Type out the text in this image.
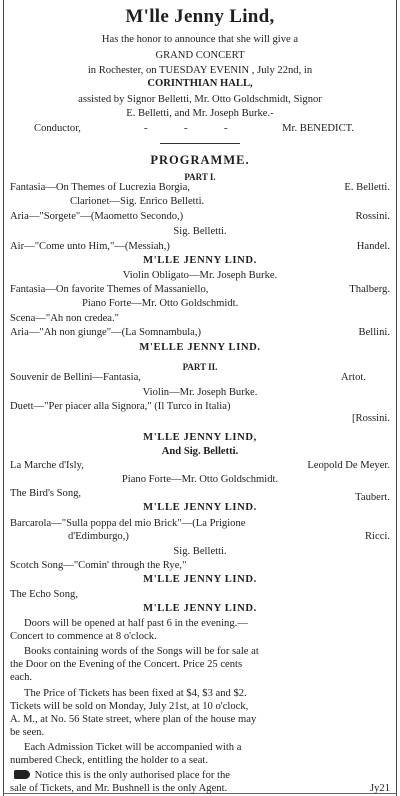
M'lle Jenny Lind,
Has the honor to announce that she will give a
GRAND CONCERT
in Rochester, on TUESDAY EVENIN , July 22nd, in
CORINTHIAN HALL,
assisted by Signor Belletti, Mr. Otto Goldschmidt, Signor
E. Belletti, and Mr. Joseph Burke.-
Conductor,	-	-	-	Mr. BENEDICT.
PROGRAMME.
PART I.
Fantasia—On Themes of Lucrezia Borgia,	E. Belletti.
Clarionet—Sig. Enrico Belletti.
Aria—"Sorgete"—(Maometto Secondo,)	Rossini.
Sig. Belletti.
Air—"Come unto Him,"—(Messiah,)	Handel.
M'LLE JENNY LIND.
Violin Obligato—Mr. Joseph Burke.
Fantasia—On favorite Themes of Massaniello,	Thalberg.
Piano Forte—Mr. Otto Goldschmidt.
Scena—"Ah non credea."
Aria—"Ah non giunge"—(La Somnambula,)	Bellini.
M'ELLE JENNY LIND.
PART II.
Souvenir de Bellini—Fantasia,	Artot.
Violin—Mr. Joseph Burke.
Duett—"Per piacer alla Signora," (Il Turco in Italia)
[Rossini.
M'LLE JENNY LIND,
And Sig. Belletti.
La Marche d'Isly,	Leopold De Meyer.
Piano Forte—Mr. Otto Goldschmidt.
The Bird's Song,	Taubert.
M'LLE JENNY LIND.
Barcarola—"Sulla poppa del mio Brick"—(La Prigione
d'Edimburgo,)	Ricci.
Sig. Belletti.
Scotch Song—"Comin' through the Rye,"
M'LLE JENNY LIND.
The Echo Song,
M'LLE JENNY LIND.
Doors will be opened at half past 6 in the evening.—
Concert to commence at 8 o'clock.
Books containing words of the Songs will be for sale at
the Door on the Evening of the Concert. Price 25 cents
each.
The Price of Tickets has been fixed at $4, $3 and $2.
Tickets will be sold on Monday, July 21st, at 10 o'clock,
A. M., at No. 56 State street, where plan of the house may
be seen.
Each Admission Ticket will be accompanied with a
numbered Check, entitling the holder to a seat.
Notice this is the only authorised place for the
sale of Tickets, and Mr. Bushnell is the only Agent.	Jy21
